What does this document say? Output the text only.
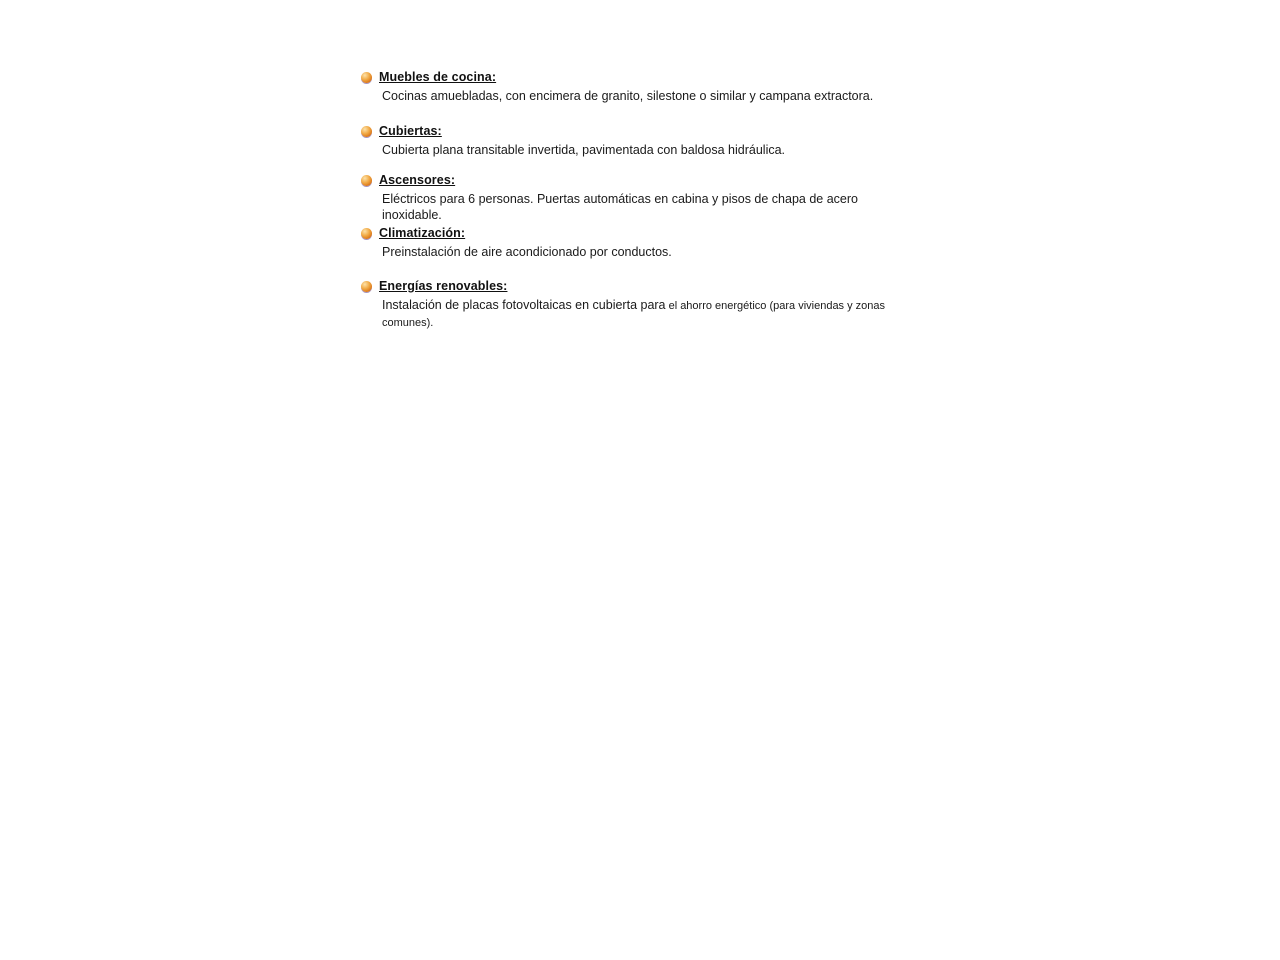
Muebles de cocina:
Cocinas amuebladas, con encimera de granito, silestone o similar y campana extractora.
Cubiertas:
Cubierta plana transitable invertida, pavimentada con baldosa hidráulica.
Ascensores:
Eléctricos para 6 personas. Puertas automáticas en cabina y pisos de chapa de acero inoxidable.
Climatización:
Preinstalación de aire acondicionado por conductos.
Energías renovables:
Instalación de placas fotovoltaicas en cubierta para el ahorro energético (para viviendas y zonas comunes).
